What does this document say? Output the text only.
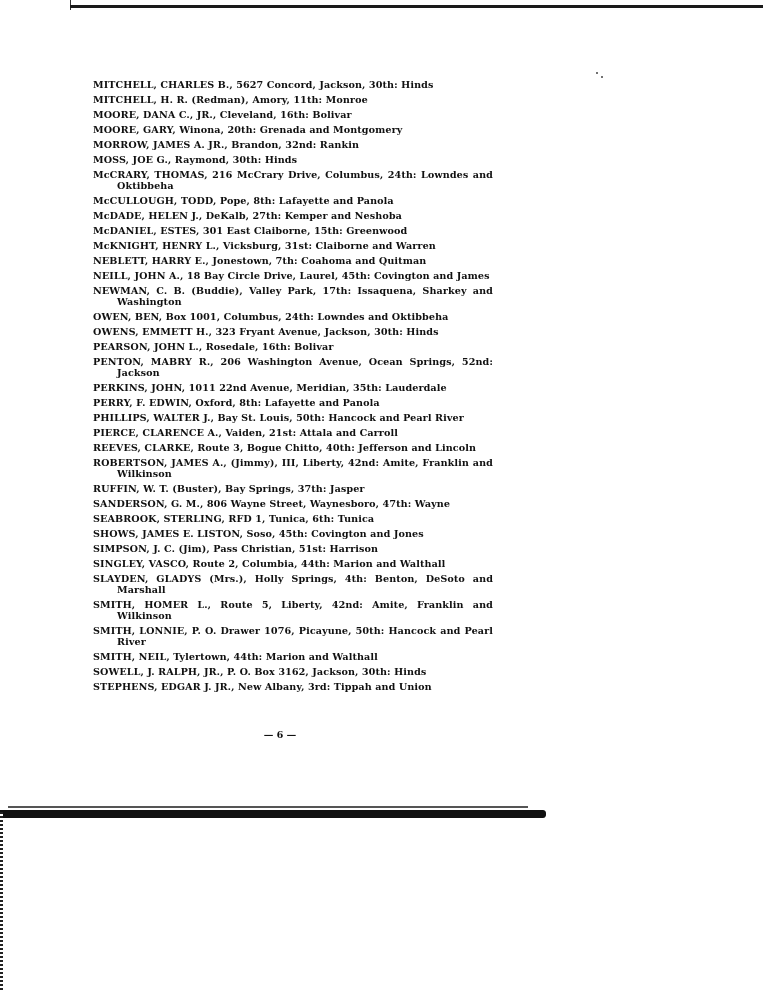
MITCHELL, CHARLES B., 5627 Concord, Jackson, 30th: Hinds
MITCHELL, H. R. (Redman), Amory, 11th: Monroe
MOORE, DANA C., JR., Cleveland, 16th: Bolivar
MOORE, GARY, Winona, 20th: Grenada and Montgomery
MORROW, JAMES A. JR., Brandon, 32nd: Rankin
MOSS, JOE G., Raymond, 30th: Hinds
McCRARY, THOMAS, 216 McCrary Drive, Columbus, 24th: Lowndes and Oktibbeha
McCULLOUGH, TODD, Pope, 8th: Lafayette and Panola
McDADE, HELEN J., DeKalb, 27th: Kemper and Neshoba
McDANIEL, ESTES, 301 East Claiborne, 15th: Greenwood
McKNIGHT, HENRY L., Vicksburg, 31st: Claiborne and Warren
NEBLETT, HARRY E., Jonestown, 7th: Coahoma and Quitman
NEILL, JOHN A., 18 Bay Circle Drive, Laurel, 45th: Covington and James
NEWMAN, C. B. (Buddie), Valley Park, 17th: Issaquena, Sharkey and Washington
OWEN, BEN, Box 1001, Columbus, 24th: Lowndes and Oktibbeha
OWENS, EMMETT H., 323 Fryant Avenue, Jackson, 30th: Hinds
PEARSON, JOHN L., Rosedale, 16th: Bolivar
PENTON, MABRY R., 206 Washington Avenue, Ocean Springs, 52nd: Jackson
PERKINS, JOHN, 1011 22nd Avenue, Meridian, 35th: Lauderdale
PERRY, F. EDWIN, Oxford, 8th: Lafayette and Panola
PHILLIPS, WALTER J., Bay St. Louis, 50th: Hancock and Pearl River
PIERCE, CLARENCE A., Vaiden, 21st: Attala and Carroll
REEVES, CLARKE, Route 3, Bogue Chitto, 40th: Jefferson and Lincoln
ROBERTSON, JAMES A., (Jimmy), III, Liberty, 42nd: Amite, Franklin and Wilkinson
RUFFIN, W. T. (Buster), Bay Springs, 37th: Jasper
SANDERSON, G. M., 806 Wayne Street, Waynesboro, 47th: Wayne
SEABROOK, STERLING, RFD 1, Tunica, 6th: Tunica
SHOWS, JAMES E. LISTON, Soso, 45th: Covington and Jones
SIMPSON, J. C. (Jim), Pass Christian, 51st: Harrison
SINGLEY, VASCO, Route 2, Columbia, 44th: Marion and Walthall
SLAYDEN, GLADYS (Mrs.), Holly Springs, 4th: Benton, DeSoto and Marshall
SMITH, HOMER L., Route 5, Liberty, 42nd: Amite, Franklin and Wilkinson
SMITH, LONNIE, P. O. Drawer 1076, Picayune, 50th: Hancock and Pearl River
SMITH, NEIL, Tylertown, 44th: Marion and Walthall
SOWELL, J. RALPH, JR., P. O. Box 3162, Jackson, 30th: Hinds
STEPHENS, EDGAR J. JR., New Albany, 3rd: Tippah and Union
— 6 —
